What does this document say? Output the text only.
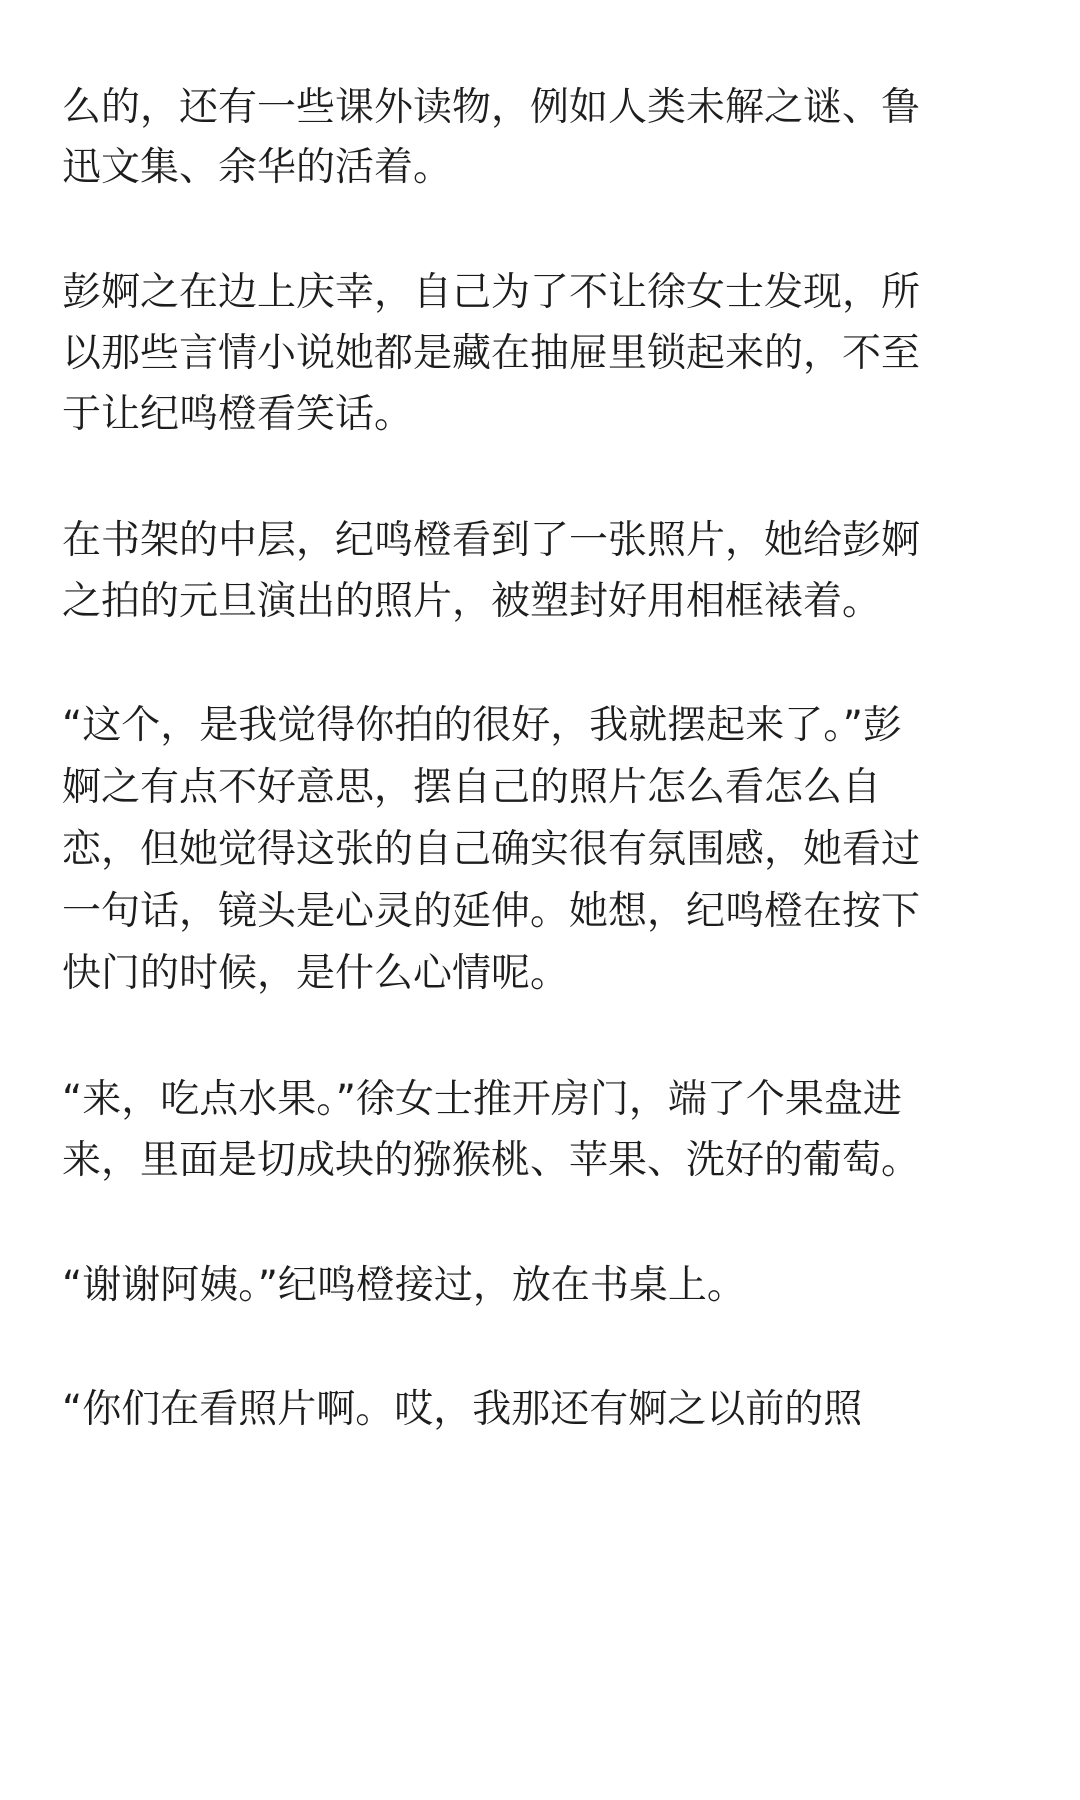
么的，还有一些课外读物，例如人类未解之谜、鲁

迅文集、余华的活着。

彭婀之在边上庆幸，自己为了不让徐女士发现，所

以那些言情小说她都是藏在抽屉里锁起来的，不至

于让纪鸣橙看笑话。

在书架的中层，纪鸣橙看到了一张照片，她给彭婀

之拍的元旦演出的照片，被塑封好用相框裱着。

“这个，是我觉得你拍的很好，我就摆起来了。”彭

婀之有点不好意思，摆自己的照片怎么看怎么自

恋，但她觉得这张的自己确实很有氛围感，她看过

一句话，镜头是心灵的延伸。她想，纪鸣橙在按下

快门的时候，是什么心情呢。

“来，吃点水果。”徐女士推开房门，端了个果盘进

来，里面是切成块的猕猴桃、苹果、洗好的葡萄。

“谢谢阿姨。”纪鸣橙接过，放在书桌上。

“你们在看照片啊。哎，我那还有婀之以前的照
